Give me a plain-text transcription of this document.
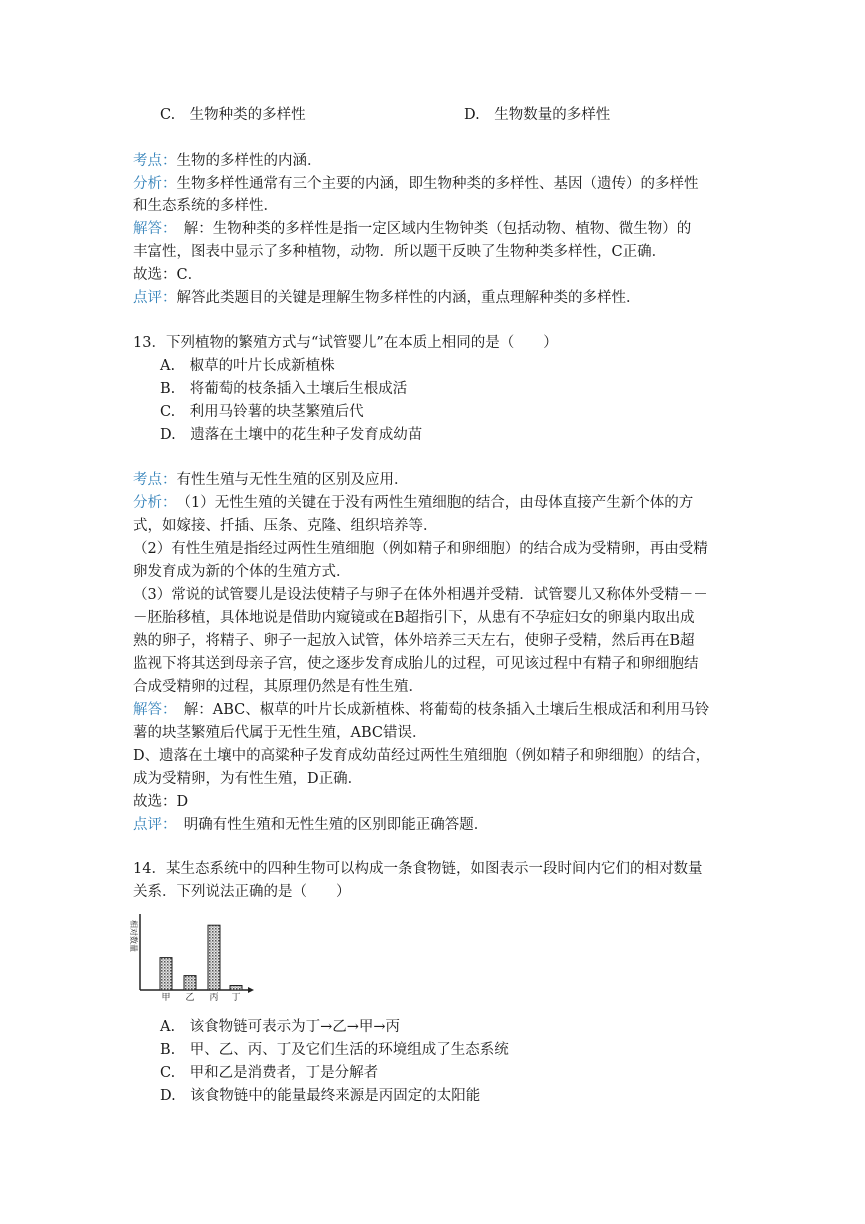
C.　生物种类的多样性	D.　生物数量的多样性
考点：生物的多样性的内涵．
分析：生物多样性通常有三个主要的内涵，即生物种类的多样性、基因（遗传）的多样性
和生态系统的多样性．
解答：　解：生物种类的多样性是指一定区域内生物钟类（包括动物、植物、微生物）的
丰富性，图表中显示了多种植物，动物．所以题干反映了生物种类多样性，C正确．
故选：C．
点评：解答此类题目的关键是理解生物多样性的内涵，重点理解种类的多样性．
13．下列植物的繁殖方式与“试管婴儿”在本质上相同的是（　　）
A.　椒草的叶片长成新植株
B.　将葡萄的枝条插入土壤后生根成活
C.　利用马铃薯的块茎繁殖后代
D.　遗落在土壤中的花生种子发育成幼苗
考点：有性生殖与无性生殖的区别及应用．
分析：　（1）无性生殖的关键在于没有两性生殖细胞的结合，由母体直接产生新个体的方
式，如嫁接、扦插、压条、克隆、组织培养等．
（2）有性生殖是指经过两性生殖细胞（例如精子和卵细胞）的结合成为受精卵，再由受精
卵发育成为新的个体的生殖方式．
（3）常说的试管婴儿是设法使精子与卵子在体外相遇并受精．试管婴儿又称体外受精－－
－胚胎移植，具体地说是借助内窥镜或在B超指引下，从患有不孕症妇女的卵巢内取出成
熟的卵子，将精子、卵子一起放入试管，体外培养三天左右，使卵子受精，然后再在B超
监视下将其送到母亲子宫，使之逐步发育成胎儿的过程，可见该过程中有精子和卵细胞结
合成受精卵的过程，其原理仍然是有性生殖．
解答：　解：ABC、椒草的叶片长成新植株、将葡萄的枝条插入土壤后生根成活和利用马铃
薯的块茎繁殖后代属于无性生殖，ABC错误．
D、遗落在土壤中的高粱种子发育成幼苗经过两性生殖细胞（例如精子和卵细胞）的结合，
成为受精卵，为有性生殖，D正确．
故选：D
点评：　明确有性生殖和无性生殖的区别即能正确答题．
14．某生态系统中的四种生物可以构成一条食物链，如图表示一段时间内它们的相对数量
关系．下列说法正确的是（　　）
相对数量
甲 乙 丙 丁
A.　该食物链可表示为丁→乙→甲→丙
B.　甲、乙、丙、丁及它们生活的环境组成了生态系统
C.　甲和乙是消费者，丁是分解者
D.　该食物链中的能量最终来源是丙固定的太阳能
